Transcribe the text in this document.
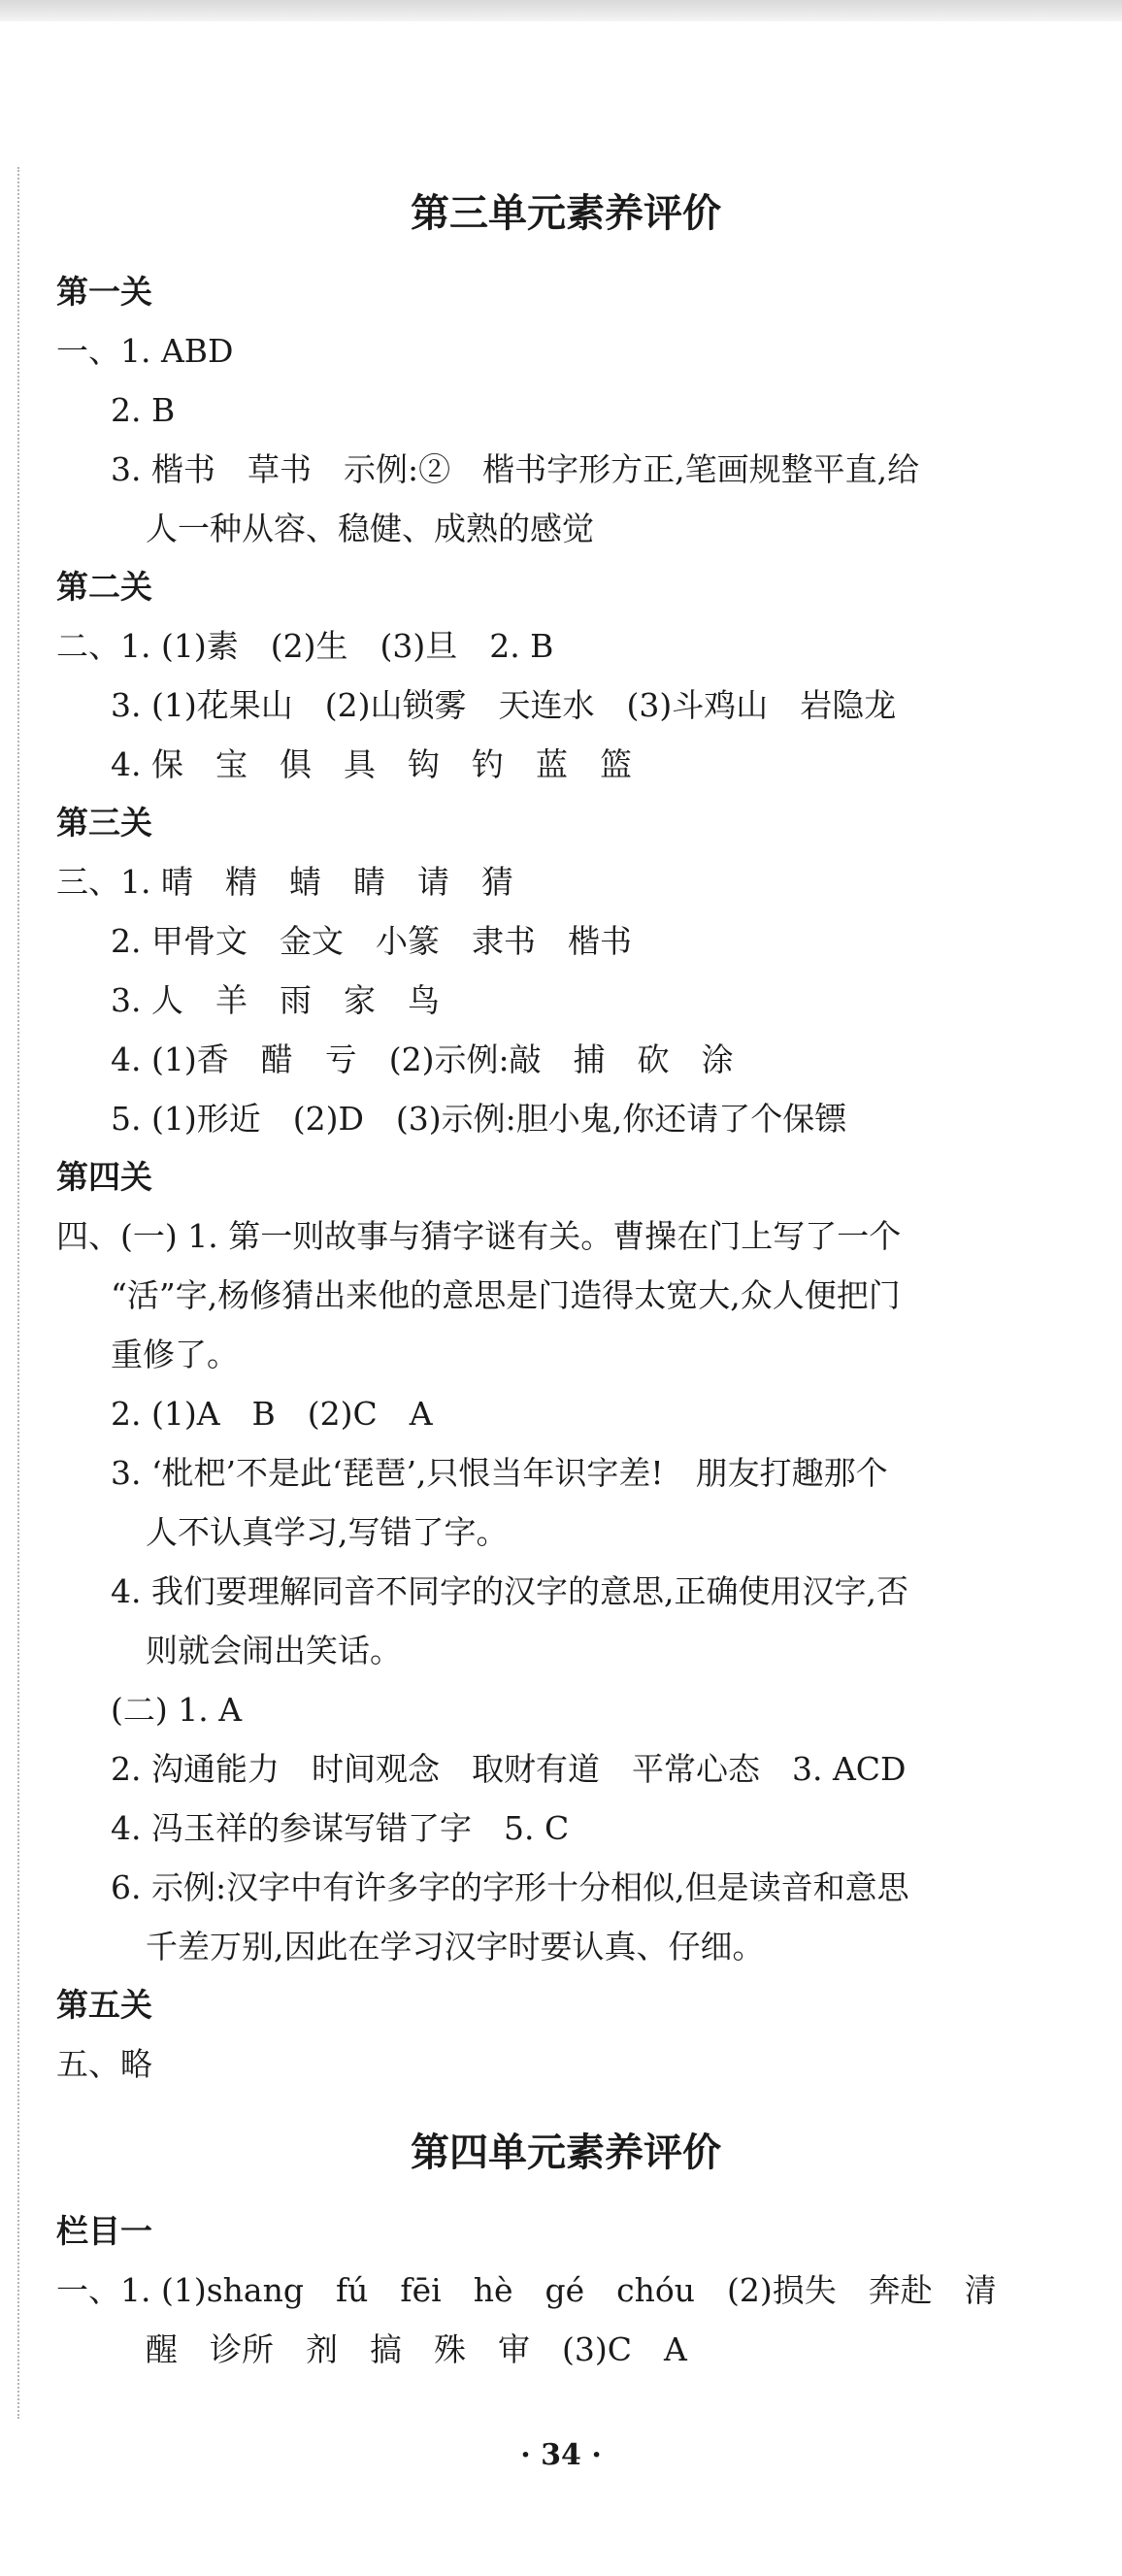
第三单元素养评价
第一关
一、1. ABD
2. B
3. 楷书　草书　示例:②　楷书字形方正,笔画规整平直,给
人一种从容、稳健、成熟的感觉
第二关
二、1. (1)素　(2)生　(3)旦　2. B
3. (1)花果山　(2)山锁雾　天连水　(3)斗鸡山　岩隐龙
4. 保　宝　俱　具　钩　钓　蓝　篮
第三关
三、1. 晴　精　蜻　睛　请　猜
2. 甲骨文　金文　小篆　隶书　楷书
3. 人　羊　雨　家　鸟
4. (1)香　醋　亏　(2)示例:敲　捕　砍　涂
5. (1)形近　(2)D　(3)示例:胆小鬼,你还请了个保镖
第四关
四、(一) 1. 第一则故事与猜字谜有关。曹操在门上写了一个
“活”字,杨修猜出来他的意思是门造得太宽大,众人便把门
重修了。
2. (1)A　B　(2)C　A
3. ‘枇杷’不是此‘琵琶’,只恨当年识字差!　朋友打趣那个
人不认真学习,写错了字。
4. 我们要理解同音不同字的汉字的意思,正确使用汉字,否
则就会闹出笑话。
(二) 1. A
2. 沟通能力　时间观念　取财有道　平常心态　3. ACD
4. 冯玉祥的参谋写错了字　5. C
6. 示例:汉字中有许多字的字形十分相似,但是读音和意思
千差万别,因此在学习汉字时要认真、仔细。
第五关
五、略
第四单元素养评价
栏目一
一、1. (1)shang　fú　fēi　hè　gé　chóu　(2)损失　奔赴　清
醒　诊所　剂　搞　殊　审　(3)C　A
· 34 ·
